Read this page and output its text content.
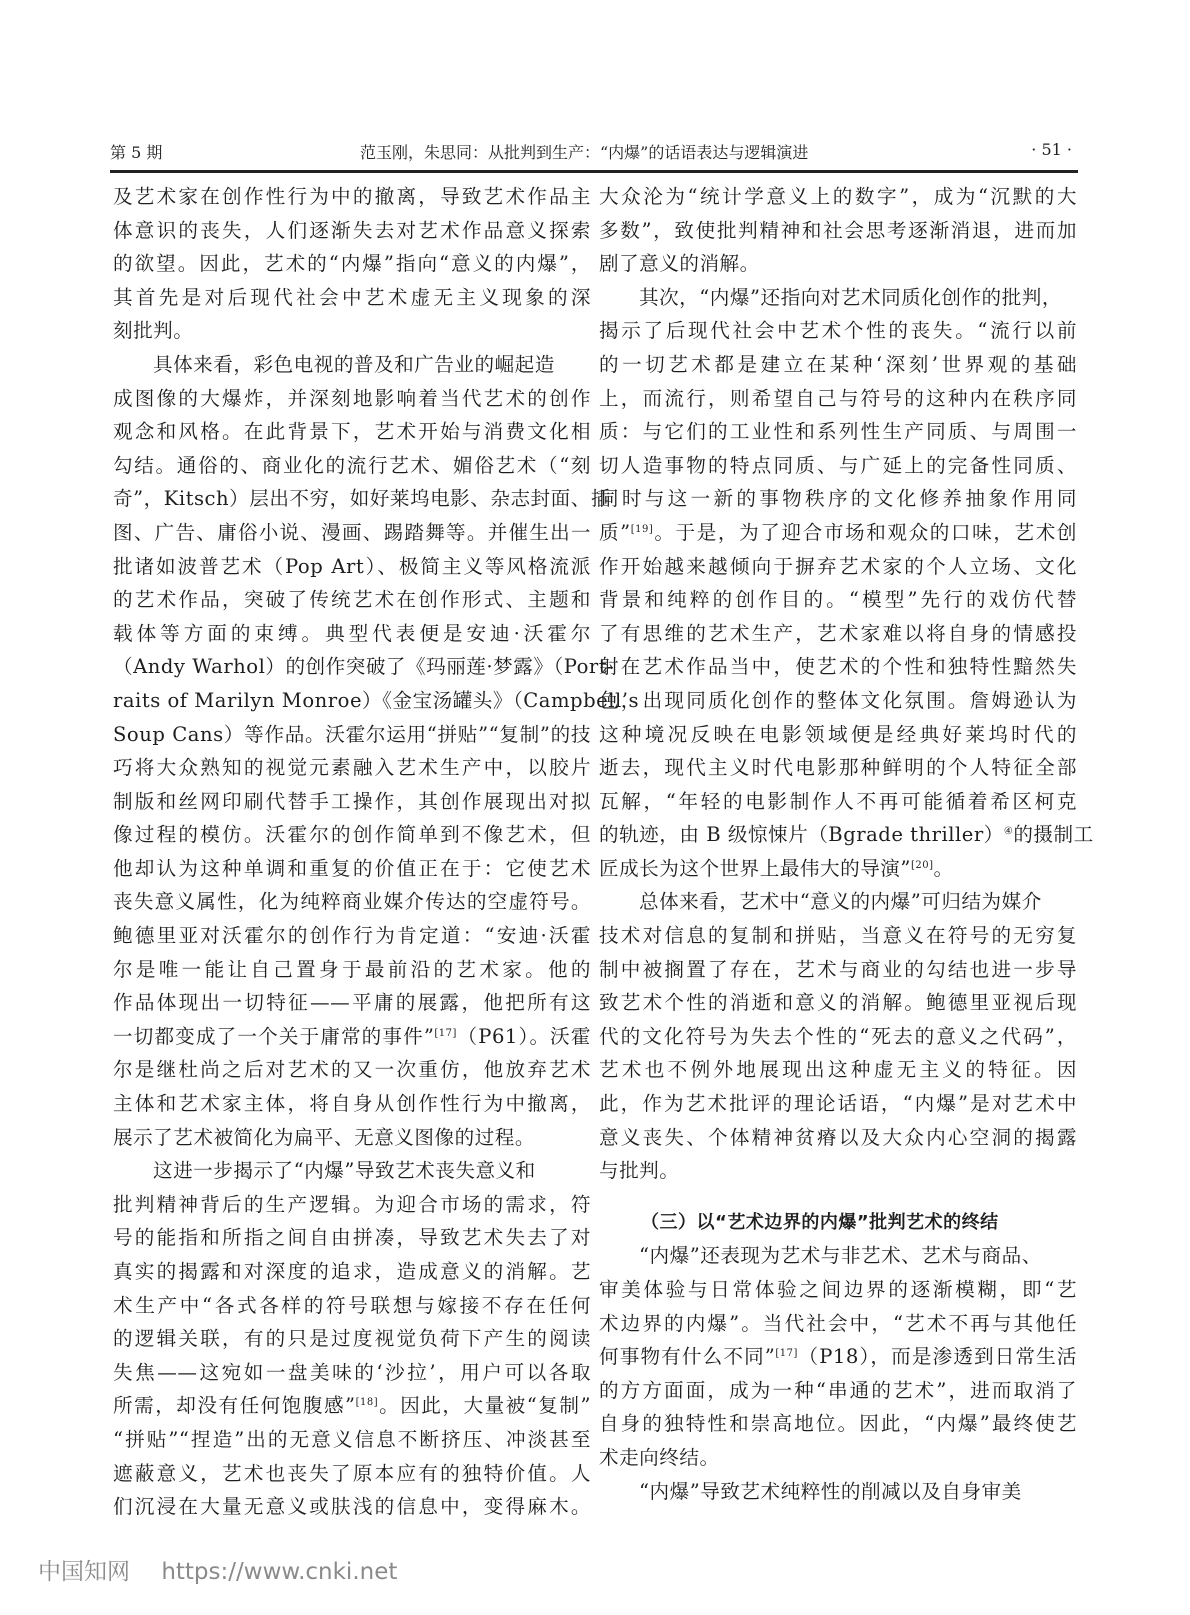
第 5 期	范玉刚，朱思同：从批判到生产：“内爆”的话语表达与逻辑演进	· 51 ·
及艺术家在创作性行为中的撤离，导致艺术作品主
体意识的丧失，人们逐渐失去对艺术作品意义探索
的欲望。因此，艺术的“内爆”指向“意义的内爆”，
其首先是对后现代社会中艺术虚无主义现象的深
刻批判。
具体来看，彩色电视的普及和广告业的崛起造
成图像的大爆炸，并深刻地影响着当代艺术的创作
观念和风格。在此背景下，艺术开始与消费文化相
勾结。通俗的、商业化的流行艺术、媚俗艺术（“刻
奇”，Kitsch）层出不穷，如好莱坞电影、杂志封面、插
图、广告、庸俗小说、漫画、踢踏舞等。并催生出一
批诸如波普艺术（Pop Art）、极简主义等风格流派
的艺术作品，突破了传统艺术在创作形式、主题和
载体等方面的束缚。典型代表便是安迪·沃霍尔
（Andy Warhol）的创作突破了《玛丽莲·梦露》（Port-
raits of Marilyn Monroe）《金宝汤罐头》（Campbell’s
Soup Cans）等作品。沃霍尔运用“拼贴”“复制”的技
巧将大众熟知的视觉元素融入艺术生产中，以胶片
制版和丝网印刷代替手工操作，其创作展现出对拟
像过程的模仿。沃霍尔的创作简单到不像艺术，但
他却认为这种单调和重复的价值正在于：它使艺术
丧失意义属性，化为纯粹商业媒介传达的空虚符号。
鲍德里亚对沃霍尔的创作行为肯定道：“安迪·沃霍
尔是唯一能让自己置身于最前沿的艺术家。他的
作品体现出一切特征——平庸的展露，他把所有这
一切都变成了一个关于庸常的事件”[17]（P61）。沃霍
尔是继杜尚之后对艺术的又一次重仿，他放弃艺术
主体和艺术家主体，将自身从创作性行为中撤离，
展示了艺术被简化为扁平、无意义图像的过程。
这进一步揭示了“内爆”导致艺术丧失意义和
批判精神背后的生产逻辑。为迎合市场的需求，符
号的能指和所指之间自由拼凑，导致艺术失去了对
真实的揭露和对深度的追求，造成意义的消解。艺
术生产中“各式各样的符号联想与嫁接不存在任何
的逻辑关联，有的只是过度视觉负荷下产生的阅读
失焦——这宛如一盘美味的‘沙拉’，用户可以各取
所需，却没有任何饱腹感”[18]。因此，大量被“复制”
“拼贴”“捏造”出的无意义信息不断挤压、冲淡甚至
遮蔽意义，艺术也丧失了原本应有的独特价值。人
们沉浸在大量无意义或肤浅的信息中，变得麻木。
大众沦为“统计学意义上的数字”，成为“沉默的大
多数”，致使批判精神和社会思考逐渐消退，进而加
剧了意义的消解。
其次，“内爆”还指向对艺术同质化创作的批判，
揭示了后现代社会中艺术个性的丧失。“流行以前
的一切艺术都是建立在某种‘深刻’世界观的基础
上，而流行，则希望自己与符号的这种内在秩序同
质：与它们的工业性和系列性生产同质、与周围一
切人造事物的特点同质、与广延上的完备性同质、
同时与这一新的事物秩序的文化修养抽象作用同
质”[19]。于是，为了迎合市场和观众的口味，艺术创
作开始越来越倾向于摒弃艺术家的个人立场、文化
背景和纯粹的创作目的。“模型”先行的戏仿代替
了有思维的艺术生产，艺术家难以将自身的情感投
射在艺术作品当中，使艺术的个性和独特性黯然失
色，出现同质化创作的整体文化氛围。詹姆逊认为
这种境况反映在电影领域便是经典好莱坞时代的
逝去，现代主义时代电影那种鲜明的个人特征全部
瓦解，“年轻的电影制作人不再可能循着希区柯克
的轨迹，由 B 级惊悚片（Bgrade thriller）④的摄制工
匠成长为这个世界上最伟大的导演”[20]。
总体来看，艺术中“意义的内爆”可归结为媒介
技术对信息的复制和拼贴，当意义在符号的无穷复
制中被搁置了存在，艺术与商业的勾结也进一步导
致艺术个性的消逝和意义的消解。鲍德里亚视后现
代的文化符号为失去个性的“死去的意义之代码”，
艺术也不例外地展现出这种虚无主义的特征。因
此，作为艺术批评的理论话语，“内爆”是对艺术中
意义丧失、个体精神贫瘠以及大众内心空洞的揭露
与批判。
（三）以“艺术边界的内爆”批判艺术的终结
“内爆”还表现为艺术与非艺术、艺术与商品、
审美体验与日常体验之间边界的逐渐模糊，即“艺
术边界的内爆”。当代社会中，“艺术不再与其他任
何事物有什么不同”[17]（P18），而是渗透到日常生活
的方方面面，成为一种“串通的艺术”，进而取消了
自身的独特性和崇高地位。因此，“内爆”最终使艺
术走向终结。
“内爆”导致艺术纯粹性的削减以及自身审美
中国知网 https://www.cnki.net
